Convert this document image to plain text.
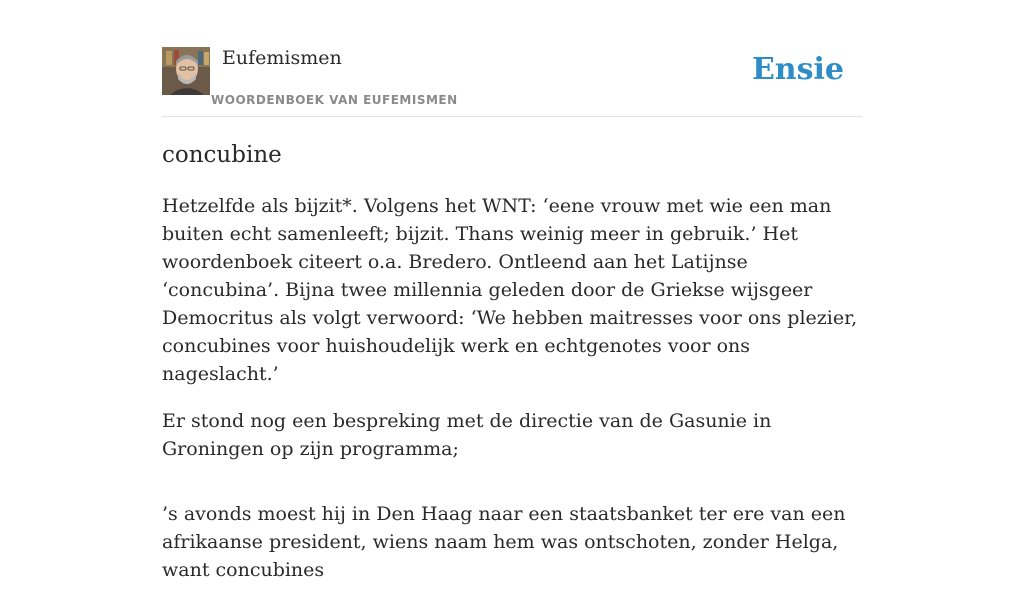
Eufemismen
WOORDENBOEK VAN EUFEMISMEN
Ensie
concubine

Hetzelfde als bijzit*. Volgens het WNT: ‘eene vrouw met wie een man buiten echt samenleeft; bijzit. Thans weinig meer in gebruik.’ Het woordenboek citeert o.a. Bredero. Ontleend aan het Latijnse ‘concubina’. Bijna twee millennia geleden door de Griekse wijsgeer Democritus als volgt verwoord: ‘We hebben maitresses voor ons plezier, concubines voor huishoudelijk werk en echtgenotes voor ons nageslacht.’

Er stond nog een bespreking met de directie van de Gasunie in Groningen op zijn programma;

’s avonds moest hij in Den Haag naar een staatsbanket ter ere van een afrikaanse president, wiens naam hem was ontschoten, zonder Helga, want concubines
